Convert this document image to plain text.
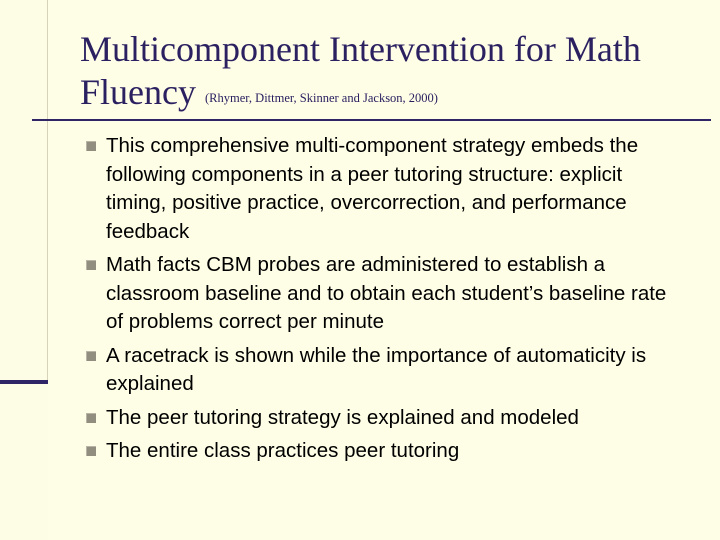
Multicomponent Intervention for Math Fluency (Rhymer, Dittmer, Skinner and Jackson, 2000)
This comprehensive multi-component strategy embeds the following components in a peer tutoring structure: explicit timing, positive practice, overcorrection, and performance feedback
Math facts CBM probes are administered to establish a classroom baseline and to obtain each student’s baseline rate of problems correct per minute
A racetrack is shown while the importance of automaticity is explained
The peer tutoring strategy is explained and modeled
The entire class practices peer tutoring
